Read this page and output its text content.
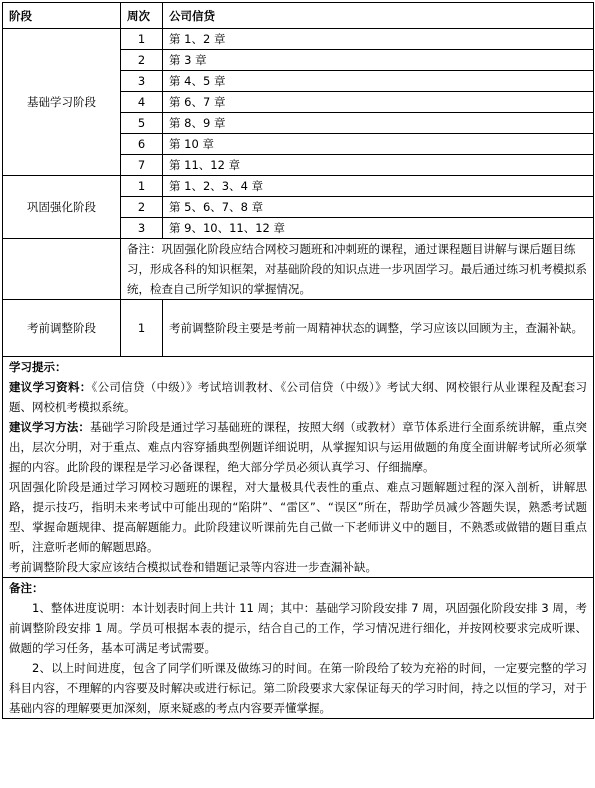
阶段	周次	公司信贷
基础学习阶段	1	第 1、2 章
	2	第 3 章
	3	第 4、5 章
	4	第 6、7 章
	5	第 8、9 章
	6	第 10 章
	7	第 11、12 章
巩固强化阶段	1	第 1、2、3、4 章
	2	第 5、6、7、8 章
	3	第 9、10、11、12 章
	备注：巩固强化阶段应结合网校习题班和冲刺班的课程，通过课程题目讲解与课后题目练习，形成各科的知识框架，对基础阶段的知识点进一步巩固学习。最后通过练习机考模拟系统，检查自己所学知识的掌握情况。	
考前调整阶段	1	考前调整阶段主要是考前一周精神状态的调整，学习应该以回顾为主，查漏补缺。

学习提示：

建议学习资料：《公司信贷（中级）》考试培训教材、《公司信贷（中级）》考试大纲、网校银行从业课程及配套习题、网校机考模拟系统。

建议学习方法：基础学习阶段是通过学习基础班的课程，按照大纲（或教材）章节体系进行全面系统讲解，重点突出，层次分明，对于重点、难点内容穿插典型例题详细说明，从掌握知识与运用做题的角度全面讲解考试所必须掌握的内容。此阶段的课程是学习必备课程，绝大部分学员必须认真学习、仔细揣摩。

巩固强化阶段是通过学习网校习题班的课程，对大量极具代表性的重点、难点习题解题过程的深入剖析，讲解思路，提示技巧，指明未来考试中可能出现的“陷阱”、“雷区”、“误区”所在，帮助学员减少答题失误，熟悉考试题型、掌握命题规律、提高解题能力。此阶段建议听课前先自己做一下老师讲义中的题目，不熟悉或做错的题目重点听，注意听老师的解题思路。

考前调整阶段大家应该结合模拟试卷和错题记录等内容进一步查漏补缺。		

备注：

1、整体进度说明：本计划表时间上共计 11 周；其中：基础学习阶段安排 7 周，巩固强化阶段安排 3 周，考前调整阶段安排 1 周。学员可根据本表的提示，结合自己的工作，学习情况进行细化，并按网校要求完成听课、做题的学习任务，基本可满足考试需要。

2、以上时间进度，包含了同学们听课及做练习的时间。在第一阶段给了较为充裕的时间，一定要完整的学习科目内容，不理解的内容要及时解决或进行标记。第二阶段要求大家保证每天的学习时间，持之以恒的学习，对于基础内容的理解要更加深刻，原来疑惑的考点内容要弄懂掌握。		
